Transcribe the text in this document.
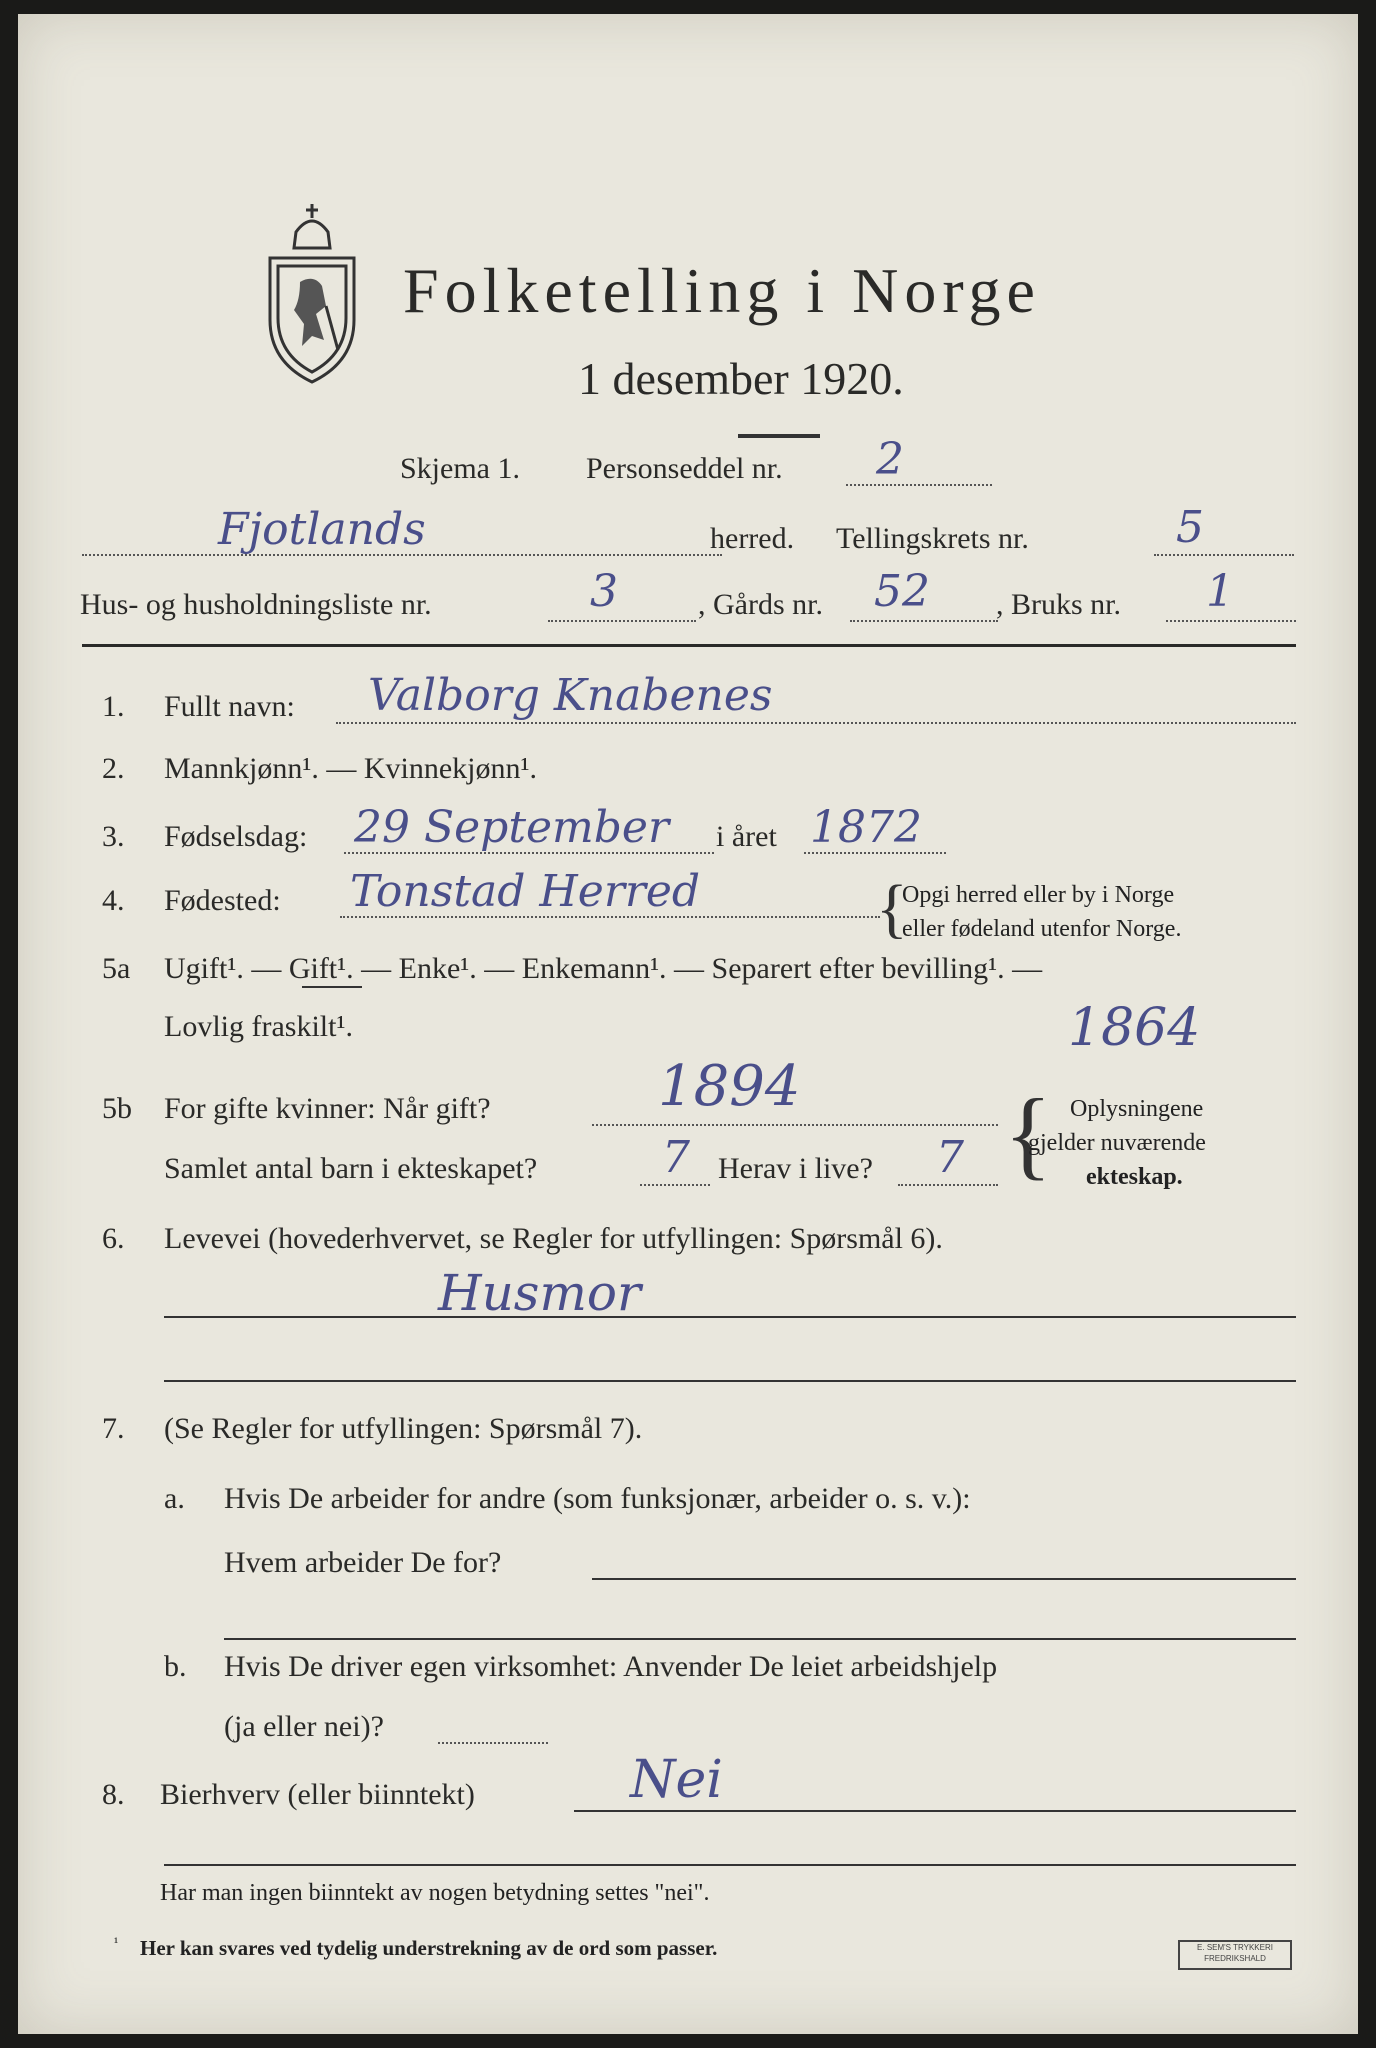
Folketelling i Norge
1 desember 1920.
Skjema 1. Personseddel nr. 2
Fjotlands	herred. Tellingskrets nr.	5
Hus- og husholdningsliste nr.	3	, Gårds nr. 52 , Bruks nr. 1
1. Fullt navn: Valborg Knabenes
2. Mannkjønn¹. — Kvinnekjønn¹.
3. Fødselsdag: 29 September i året 1872
4. Fødested: Tonstad Herred	{
Opgi herred eller by i Norge
eller fødeland utenfor Norge.
5a Ugift¹. — Gift¹. — Enke¹. — Enkemann¹. — Separert efter bevilling¹. —
Lovlig fraskilt¹.	1864
5b For gifte kvinner: Når gift?	1894
Samlet antal barn i ekteskapet?	7 Herav i live? 7 { Oplysningene
gjelder nuværende
ekteskap.
6. Levevei (hovederhvervet, se Regler for utfyllingen: Spørsmål 6).
Husmor
7. (Se Regler for utfyllingen: Spørsmål 7).
a. Hvis De arbeider for andre (som funksjonær, arbeider o. s. v.):
Hvem arbeider De for?
b. Hvis De driver egen virksomhet: Anvender De leiet arbeidshjelp
(ja eller nei)?
8. Bierhverv (eller biinntekt)	Nei
Har man ingen biinntekt av nogen betydning settes "nei".
¹ Her kan svares ved tydelig understrekning av de ord som passer.	E. SEM'S TRYKKERI
FREDRIKSHALD
